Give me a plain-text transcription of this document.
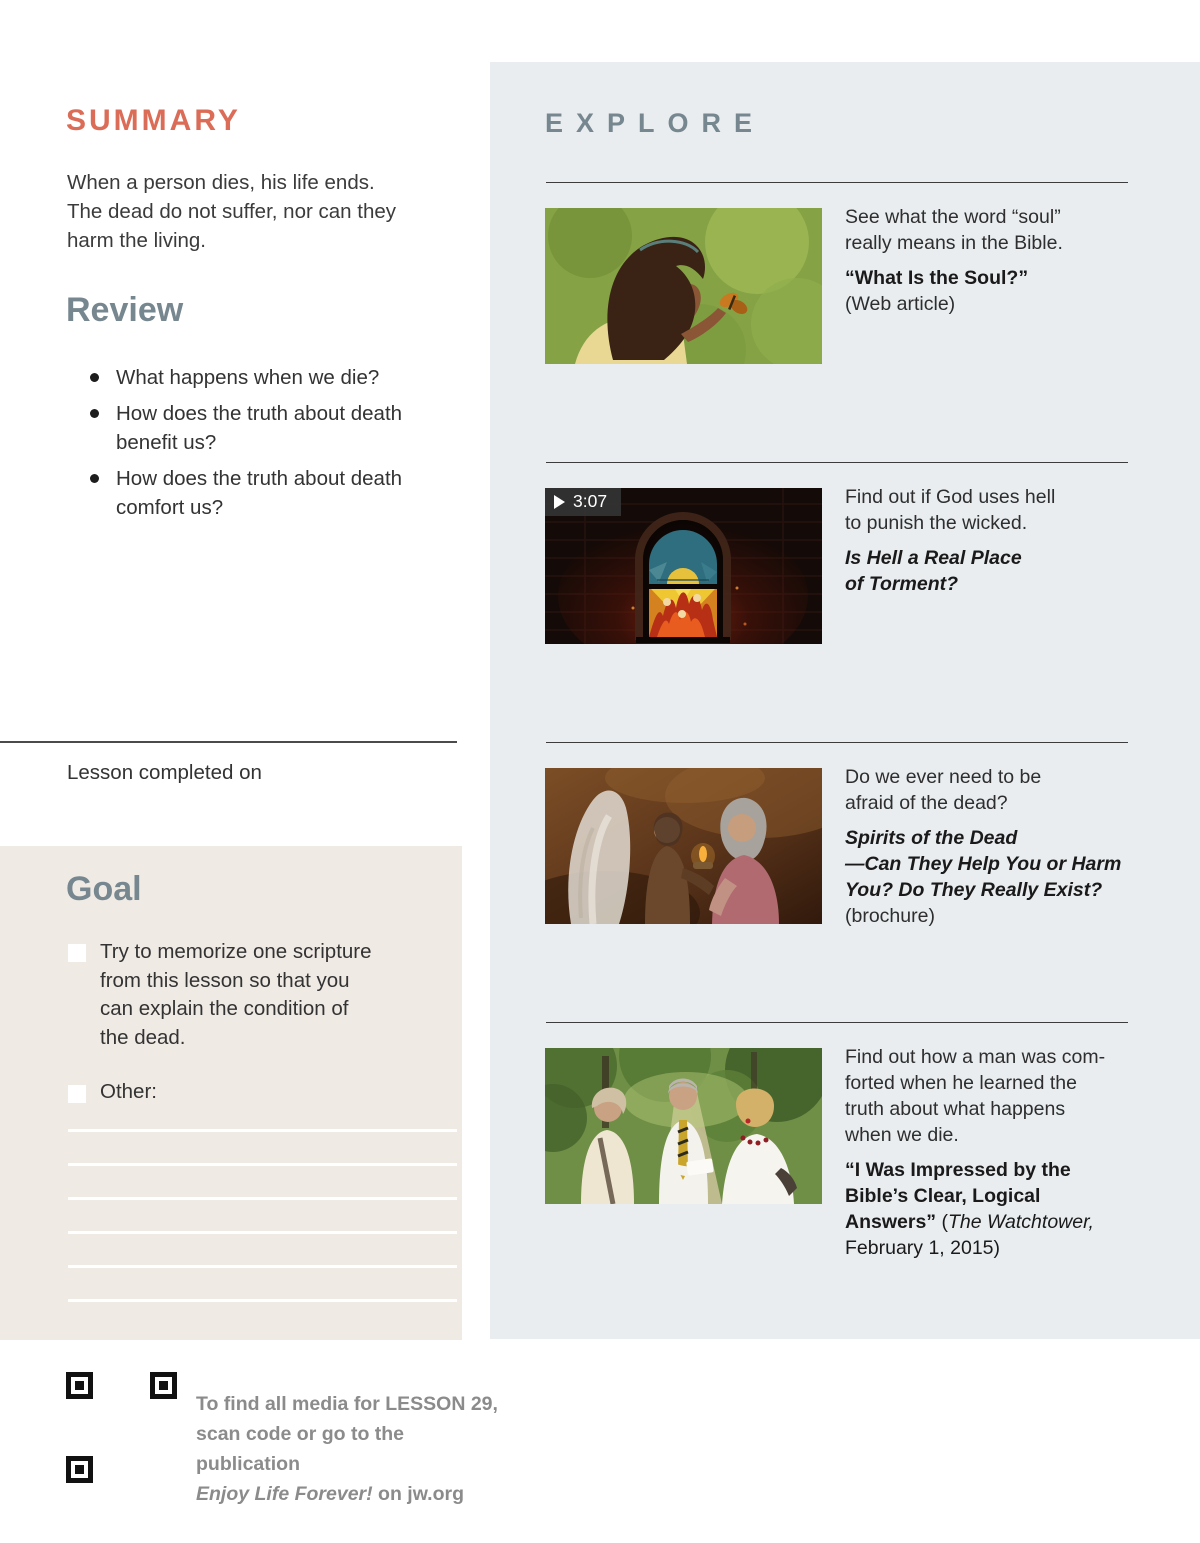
SUMMARY

When a person dies, his life ends.
The dead do not suffer, nor can they
harm the living.

Review
What happens when we die?
How does the truth about death
benefit us?
How does the truth about death
comfort us?

Lesson completed on

Goal

Try to memorize one scripture
from this lesson so that you
can explain the condition of
the dead.

Other:

To find all media for LESSON 29,
scan code or go to the publication
Enjoy Life Forever! on jw.org

EXPLORE

See what the word “soul”
really means in the Bible.

“What Is the Soul?”

(Web article)

3:07	Find out if God uses hell
to punish the wicked.

Is Hell a Real Place
of Torment?

Do we ever need to be
afraid of the dead?

Spirits of the Dead
—Can They Help You or Harm
You? Do They Really Exist?

(brochure)

Find out how a man was com-
forted when he learned the
truth about what happens
when we die.

“I Was Impressed by the
Bible’s Clear, Logical
Answers” (The Watchtower, February 1, 2015)
